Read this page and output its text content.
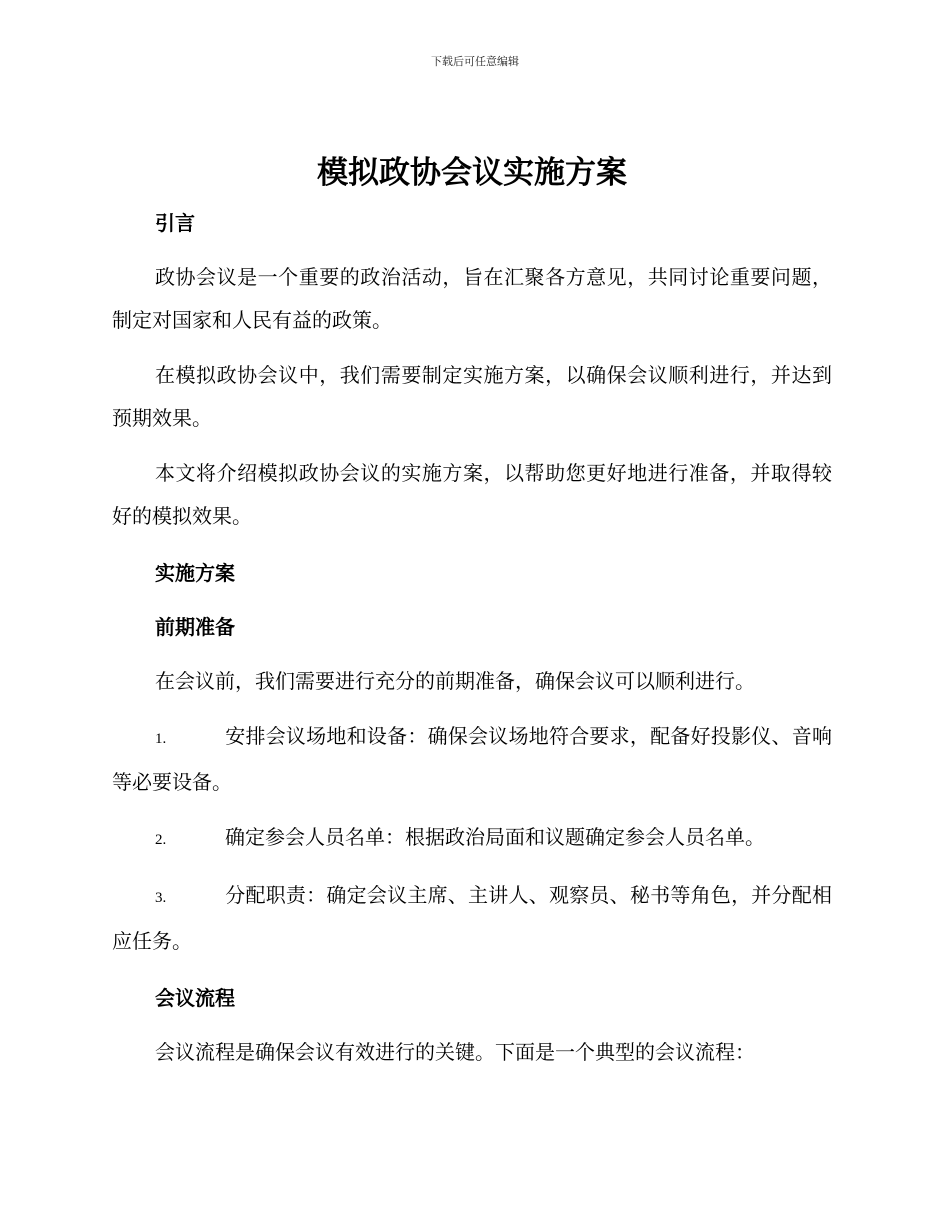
下载后可任意编辑
模拟政协会议实施方案
引言

政协会议是一个重要的政治活动，旨在汇聚各方意见，共同讨论重要问题，制定对国家和人民有益的政策。

在模拟政协会议中，我们需要制定实施方案，以确保会议顺利进行，并达到预期效果。

本文将介绍模拟政协会议的实施方案，以帮助您更好地进行准备，并取得较好的模拟效果。

实施方案
前期准备

在会议前，我们需要进行充分的前期准备，确保会议可以顺利进行。

1.	安排会议场地和设备：确保会议场地符合要求，配备好投影仪、音响等必要设备。

2.	确定参会人员名单：根据政治局面和议题确定参会人员名单。

3.	分配职责：确定会议主席、主讲人、观察员、秘书等角色，并分配相应任务。

会议流程

会议流程是确保会议有效进行的关键。下面是一个典型的会议流程：
